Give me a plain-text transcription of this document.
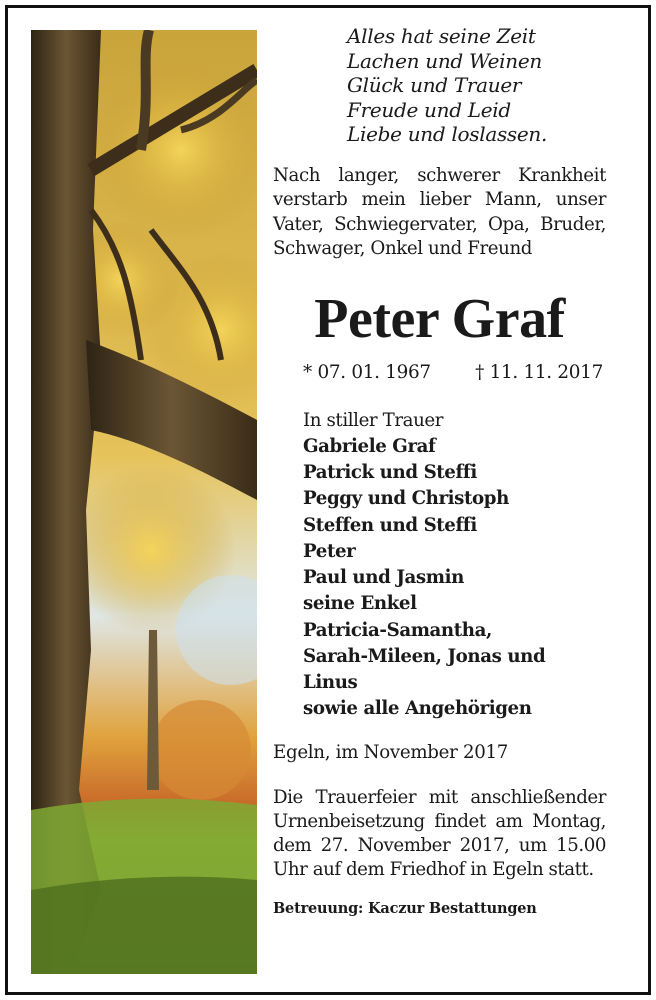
Alles hat seine Zeit
Lachen und Weinen
Glück und Trauer
Freude und Leid
Liebe und loslassen.
Nach langer, schwerer Krankheit verstarb mein lieber Mann, unser Vater, Schwiegervater, Opa, Bruder, Schwager, Onkel und Freund
Peter Graf
* 07. 01. 1967 † 11. 11. 2017
In stiller Trauer
Gabriele Graf
Patrick und Steffi
Peggy und Christoph
Steffen und Steffi
Peter
Paul und Jasmin
seine Enkel
Patricia-Samantha,
Sarah-Mileen, Jonas und
Linus
sowie alle Angehörigen
Egeln, im November 2017
Die Trauerfeier mit anschließender Urnenbeisetzung findet am Montag, dem 27. November 2017, um 15.00 Uhr auf dem Friedhof in Egeln statt.
Betreuung: Kaczur Bestattungen
